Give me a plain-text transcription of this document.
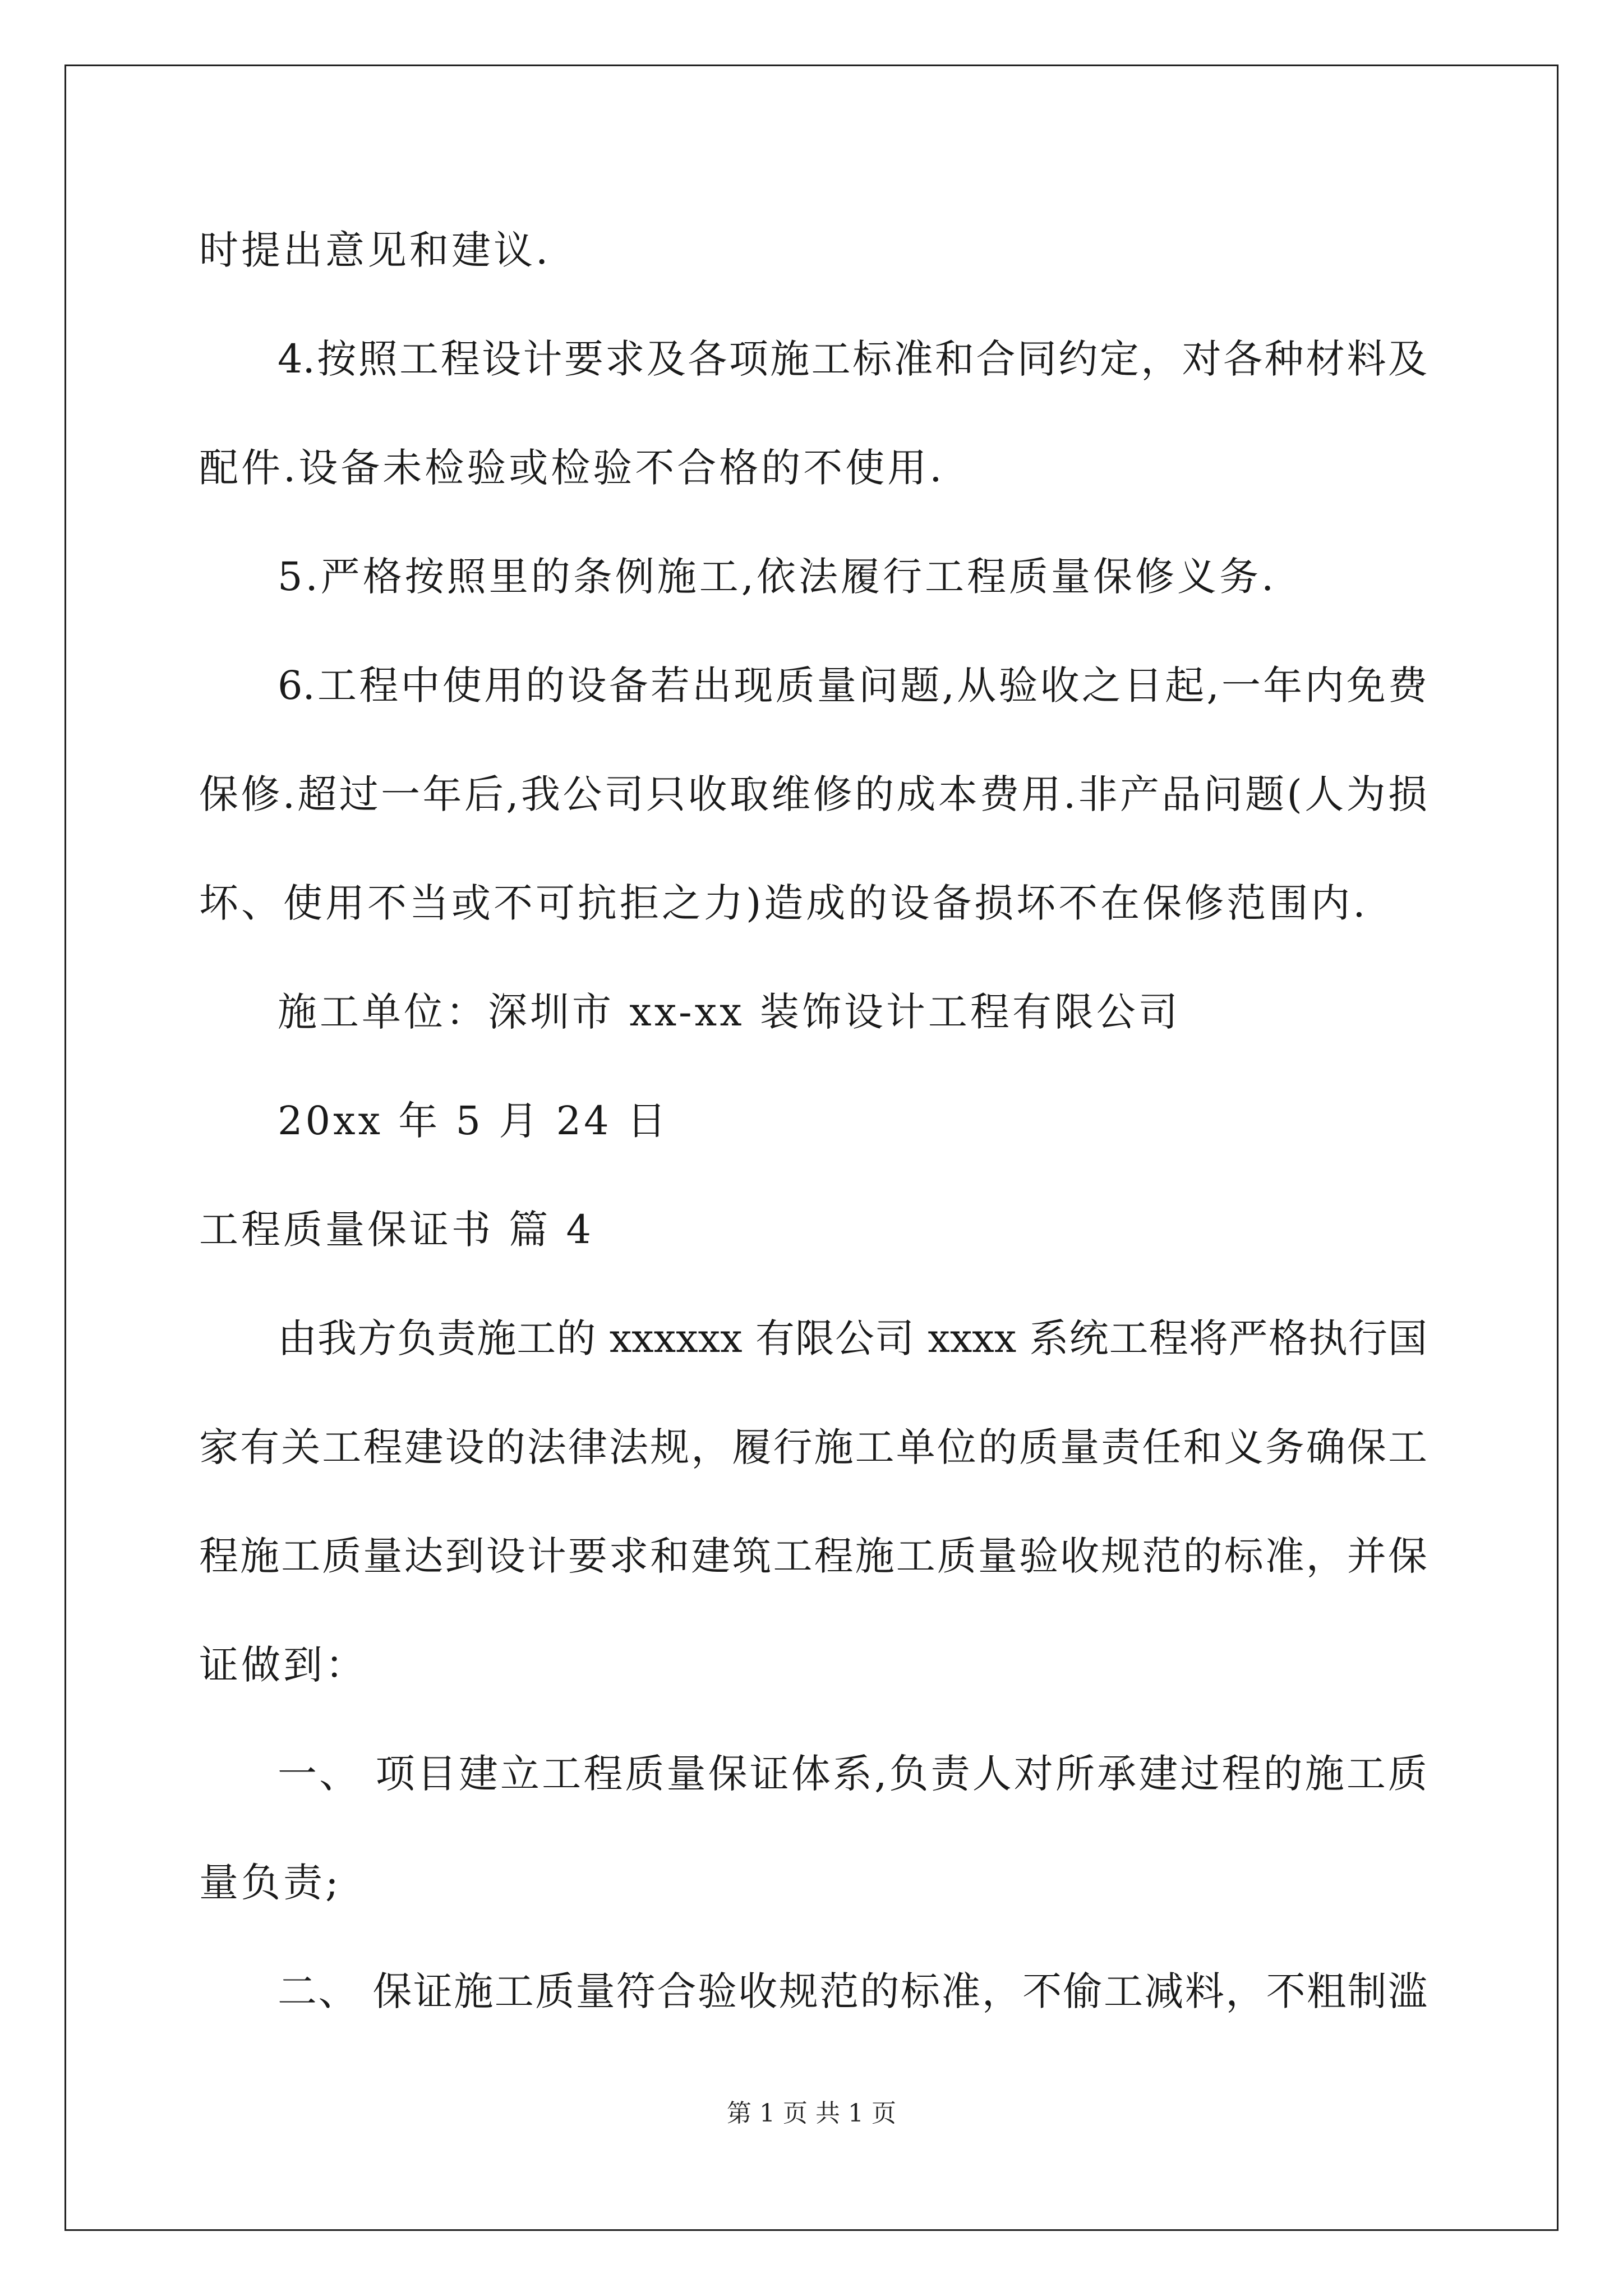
时提出意见和建议.
4.按照工程设计要求及各项施工标准和合同约定，对各种材料及
配件.设备未检验或检验不合格的不使用.
5.严格按照里的条例施工,依法履行工程质量保修义务.
6.工程中使用的设备若出现质量问题,从验收之日起,一年内免费
保修.超过一年后,我公司只收取维修的成本费用.非产品问题(人为损
坏、使用不当或不可抗拒之力)造成的设备损坏不在保修范围内.
施工单位：深圳市 xx-xx 装饰设计工程有限公司
20xx 年 5 月 24 日
工程质量保证书 篇 4
由我方负责施工的 xxxxxx 有限公司 xxxx 系统工程将严格执行国
家有关工程建设的法律法规，履行施工单位的质量责任和义务确保工
程施工质量达到设计要求和建筑工程施工质量验收规范的标准，并保
证做到：
一、 项目建立工程质量保证体系,负责人对所承建过程的施工质
量负责;
二、 保证施工质量符合验收规范的标准，不偷工减料，不粗制滥
第 1 页 共 1 页
